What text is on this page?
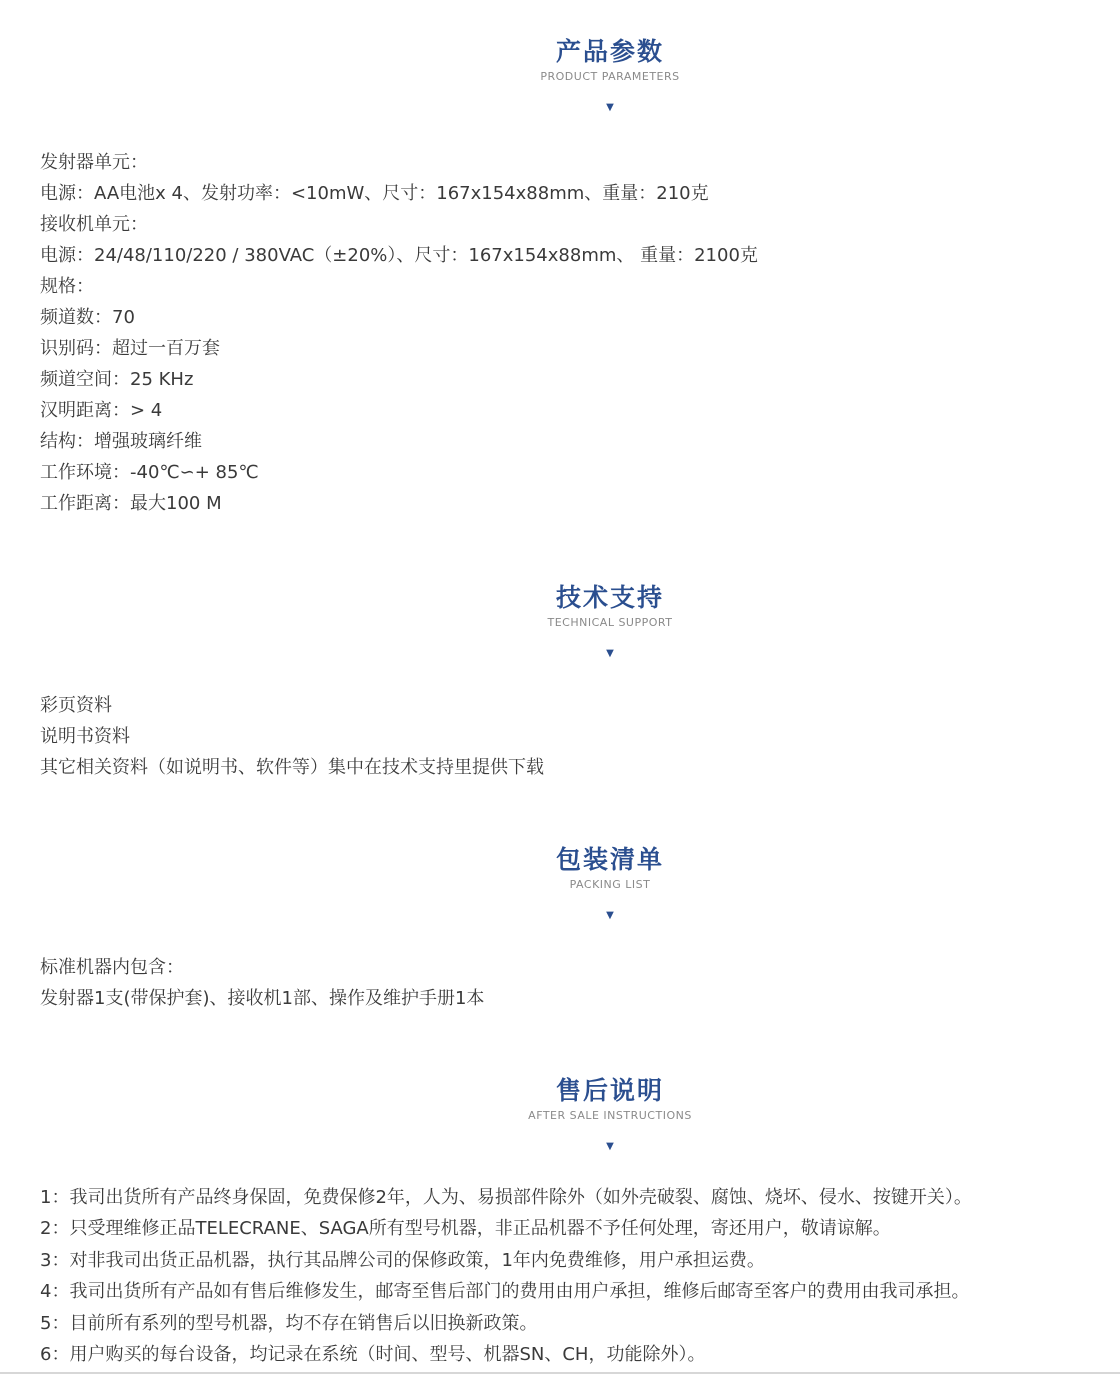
产品参数
PRODUCT PARAMETERS
▼
发射器单元：
电源：AA电池x 4、发射功率：<10mW、尺寸：167x154x88mm、重量：210克
接收机单元：
电源：24/48/110/220 / 380VAC（±20%）、尺寸：167x154x88mm、 重量：2100克
规格：
频道数：70
识别码：超过一百万套
频道空间：25 KHz
汉明距离：> 4
结构：增强玻璃纤维
工作环境：-40℃∽+ 85℃
工作距离：最大100 M
技术支持
TECHNICAL SUPPORT
▼
彩页资料
说明书资料
其它相关资料（如说明书、软件等）集中在技术支持里提供下载
包装清单
PACKING LIST
▼
标准机器内包含：
发射器1支(带保护套)、接收机1部、操作及维护手册1本
售后说明
AFTER SALE INSTRUCTIONS
▼
1：我司出货所有产品终身保固，免费保修2年，人为、易损部件除外（如外壳破裂、腐蚀、烧坏、侵水、按键开关）。
2：只受理维修正品TELECRANE、SAGA所有型号机器，非正品机器不予任何处理，寄还用户，敬请谅解。
3：对非我司出货正品机器，执行其品牌公司的保修政策，1年内免费维修，用户承担运费。
4：我司出货所有产品如有售后维修发生，邮寄至售后部门的费用由用户承担，维修后邮寄至客户的费用由我司承担。
5：目前所有系列的型号机器，均不存在销售后以旧换新政策。
6：用户购买的每台设备，均记录在系统（时间、型号、机器SN、CH，功能除外）。
